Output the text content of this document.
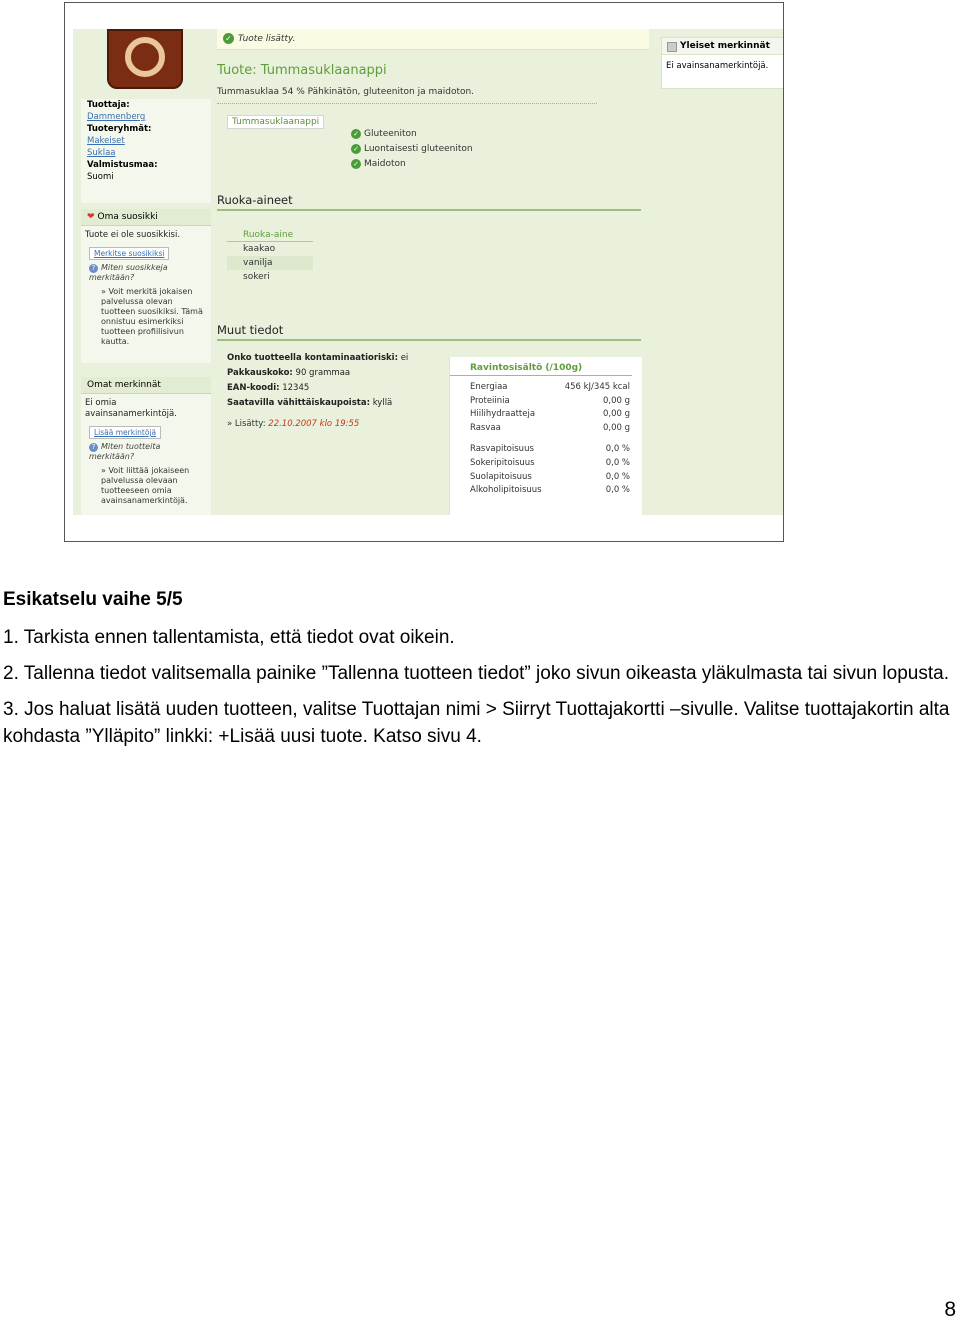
Tuottaja:
Dammenberg
Tuoteryhmät:
Makeiset
Suklaa
Valmistusmaa:
Suomi
❤ Oma suosikki
Tuote ei ole suosikkisi.
Merkitse suosikiksi
? Miten suosikkeja merkitään?
» Voit merkitä jokaisen palvelussa olevan tuotteen suosikiksi. Tämä onnistuu esimerkiksi tuotteen profiilisivun kautta.
Omat merkinnät
Ei omia avainsanamerkintöjä.
Lisää merkintöjä
? Miten tuotteita merkitään?
» Voit liittää jokaiseen palvelussa olevaan tuotteeseen omia avainsanamerkintöjä.
✓ Tuote lisätty.
Tuote: Tummasuklaanappi
Tummasuklaa 54 % Pähkinätön, gluteeniton ja maidoton.
Tummasuklaanappi
✓ Gluteeniton
✓ Luontaisesti gluteeniton
✓ Maidoton
Ruoka-aineet
Ruoka-aine
kaakao
vanilja
sokeri
Muut tiedot
Onko tuotteella kontaminaatioriski: ei
Pakkauskoko: 90 grammaa
EAN-koodi: 12345
Saatavilla vähittäiskaupoista: kyllä
» Lisätty: 22.10.2007 klo 19:55
Ravintosisältö (/100g)
Energiaa	456 kJ/345 kcal
Proteiinia	0,00 g
Hiilihydraatteja	0,00 g
Rasvaa	0,00 g
Rasvapitoisuus	0,0 %
Sokeripitoisuus	0,0 %
Suolapitoisuus	0,0 %
Alkoholipitoisuus	0,0 %
Yleiset merkinnät
Ei avainsanamerkintöjä.
Esikatselu vaihe 5/5

1. Tarkista ennen tallentamista, että tiedot ovat oikein.

2. Tallenna tiedot valitsemalla painike ”Tallenna tuotteen tiedot” joko sivun oikeasta yläkulmasta tai sivun lopusta.

3. Jos haluat lisätä uuden tuotteen, valitse Tuottajan nimi > Siirryt Tuottajakortti –sivulle. Valitse tuottajakortin alta kohdasta ”Ylläpito” linkki: +Lisää uusi tuote. Katso sivu 4.

8
